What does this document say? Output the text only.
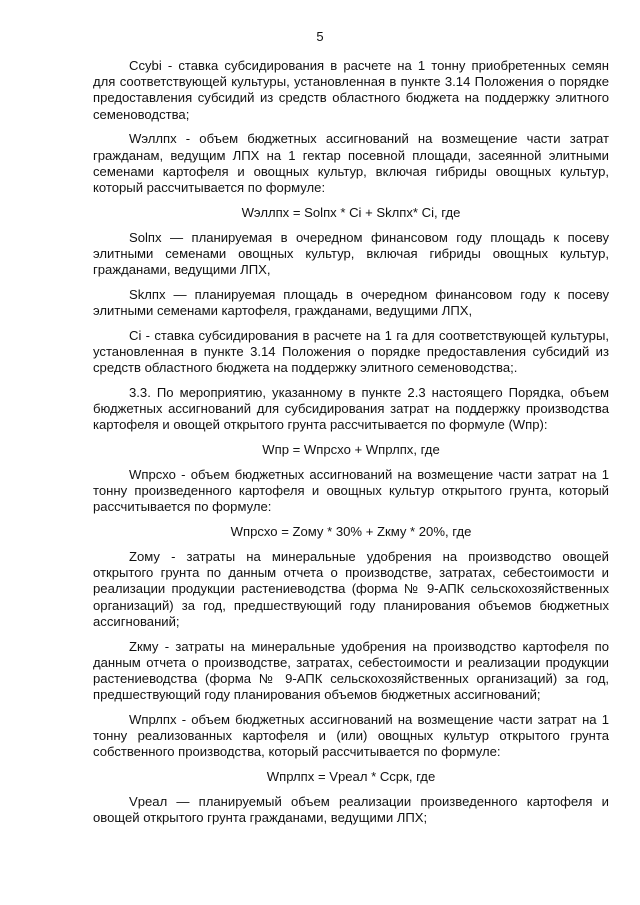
5

Ccybi - ставка субсидирования в расчете на 1 тонну приобретенных семян для соответствующей культуры, установленная в пункте 3.14 Положения о порядке предоставления субсидий из средств областного бюджета на поддержку элитного семеноводства;

Wэллпх - объем бюджетных ассигнований на возмещение части затрат гражданам, ведущим ЛПХ на 1 гектар посевной площади, засеянной элитными семенами картофеля и овощных культур, включая гибриды овощных культур, который рассчитывается по формуле:

Wэллпх = Solпх * Ci + Skлпх* Ci, где

Solпх — планируемая в очередном финансовом году площадь к посеву элитными семенами овощных культур, включая гибриды овощных культур, гражданами, ведущими ЛПХ,

Skлпх — планируемая площадь в очередном финансовом году к посеву элитными семенами картофеля, гражданами, ведущими ЛПХ,

Ci - ставка субсидирования в расчете на 1 га для соответствующей культуры, установленная в пункте 3.14 Положения о порядке предоставления субсидий из средств областного бюджета на поддержку элитного семеноводства;.

3.3. По мероприятию, указанному в пункте 2.3 настоящего Порядка, объем бюджетных ассигнований для субсидирования затрат на поддержку производства картофеля и овощей открытого грунта рассчитывается по формуле (Wпр):

Wпр = Wпрсхо + Wпрлпх, где

Wпрсхо - объем бюджетных ассигнований на возмещение части затрат на 1 тонну произведенного картофеля и овощных культур открытого грунта, который рассчитывается по формуле:

Wпрсхо = Zому * 30% + Zкму * 20%, где

Zому - затраты на минеральные удобрения на производство овощей открытого грунта по данным отчета о производстве, затратах, себестоимости и реализации продукции растениеводства (форма № 9-АПК сельскохозяйственных организаций) за год, предшествующий году планирования объемов бюджетных ассигнований;

Zкму - затраты на минеральные удобрения на производство картофеля по данным отчета о производстве, затратах, себестоимости и реализации продукции растениеводства (форма № 9-АПК сельскохозяйственных организаций) за год, предшествующий году планирования объемов бюджетных ассигнований;

Wпрлпх - объем бюджетных ассигнований на возмещение части затрат на 1 тонну реализованных картофеля и (или) овощных культур открытого грунта собственного производства, который рассчитывается по формуле:

Wпрлпх = Vреал * Ccрк, где

Vреал — планируемый объем реализации произведенного картофеля и овощей открытого грунта гражданами, ведущими ЛПХ;
